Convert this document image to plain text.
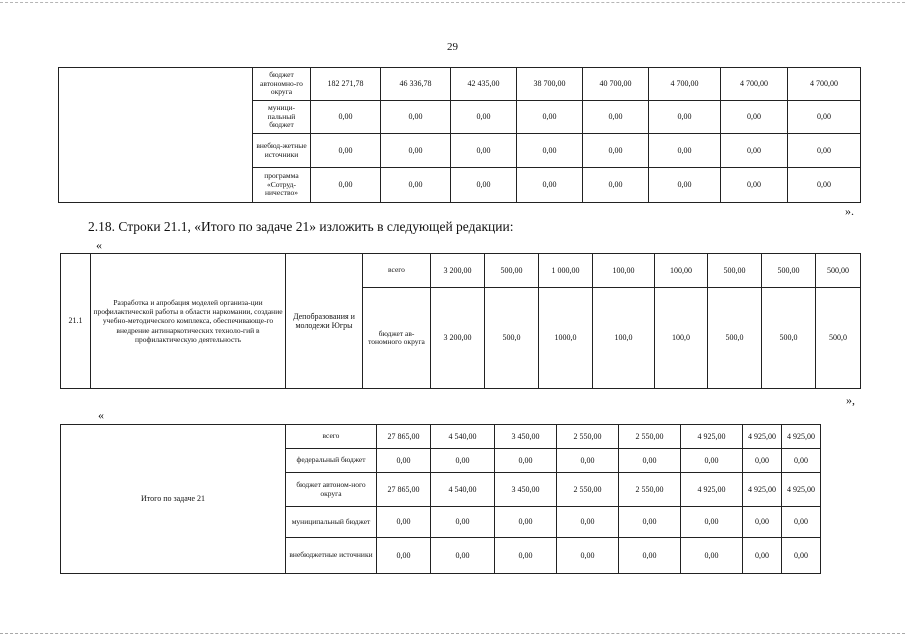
29
	бюджет автономно-го округа	182 271,78	46 336,78	42 435,00	38 700,00	40 700,00	4 700,00	4 700,00	4 700,00
	муници-пальный бюджет	0,00	0,00	0,00	0,00	0,00	0,00	0,00	0,00
	внебюд-жетные источники	0,00	0,00	0,00	0,00	0,00	0,00	0,00	0,00
	программа «Сотруд-ничество»	0,00	0,00	0,00	0,00	0,00	0,00	0,00	0,00
».
2.18. Строки 21.1, «Итого по задаче 21» изложить в следующей редакции:
«
21.1	Разработка и апробация моделей организа-ции профилактической работы в области наркомании, создание учебно-методического комплекса, обеспечивающе-го внедрение антинаркотических техноло-гий в профилактическую деятельность	Депобразования и молодежи Югры	всего	3 200,00	500,00	1 000,00	100,00	100,00	500,00	500,00	500,00
			бюджет ав-тономного округа	3 200,00	500,0	1000,0	100,0	100,0	500,0	500,0	500,0
»,
«
Итого по задаче 21	всего	27 865,00	4 540,00	3 450,00	2 550,00	2 550,00	4 925,00	4 925,00	4 925,00
	федеральный бюджет	0,00	0,00	0,00	0,00	0,00	0,00	0,00	0,00
	бюджет автоном-ного округа	27 865,00	4 540,00	3 450,00	2 550,00	2 550,00	4 925,00	4 925,00	4 925,00
	муниципальный бюджет	0,00	0,00	0,00	0,00	0,00	0,00	0,00	0,00
	внебюджетные источники	0,00	0,00	0,00	0,00	0,00	0,00	0,00	0,00
